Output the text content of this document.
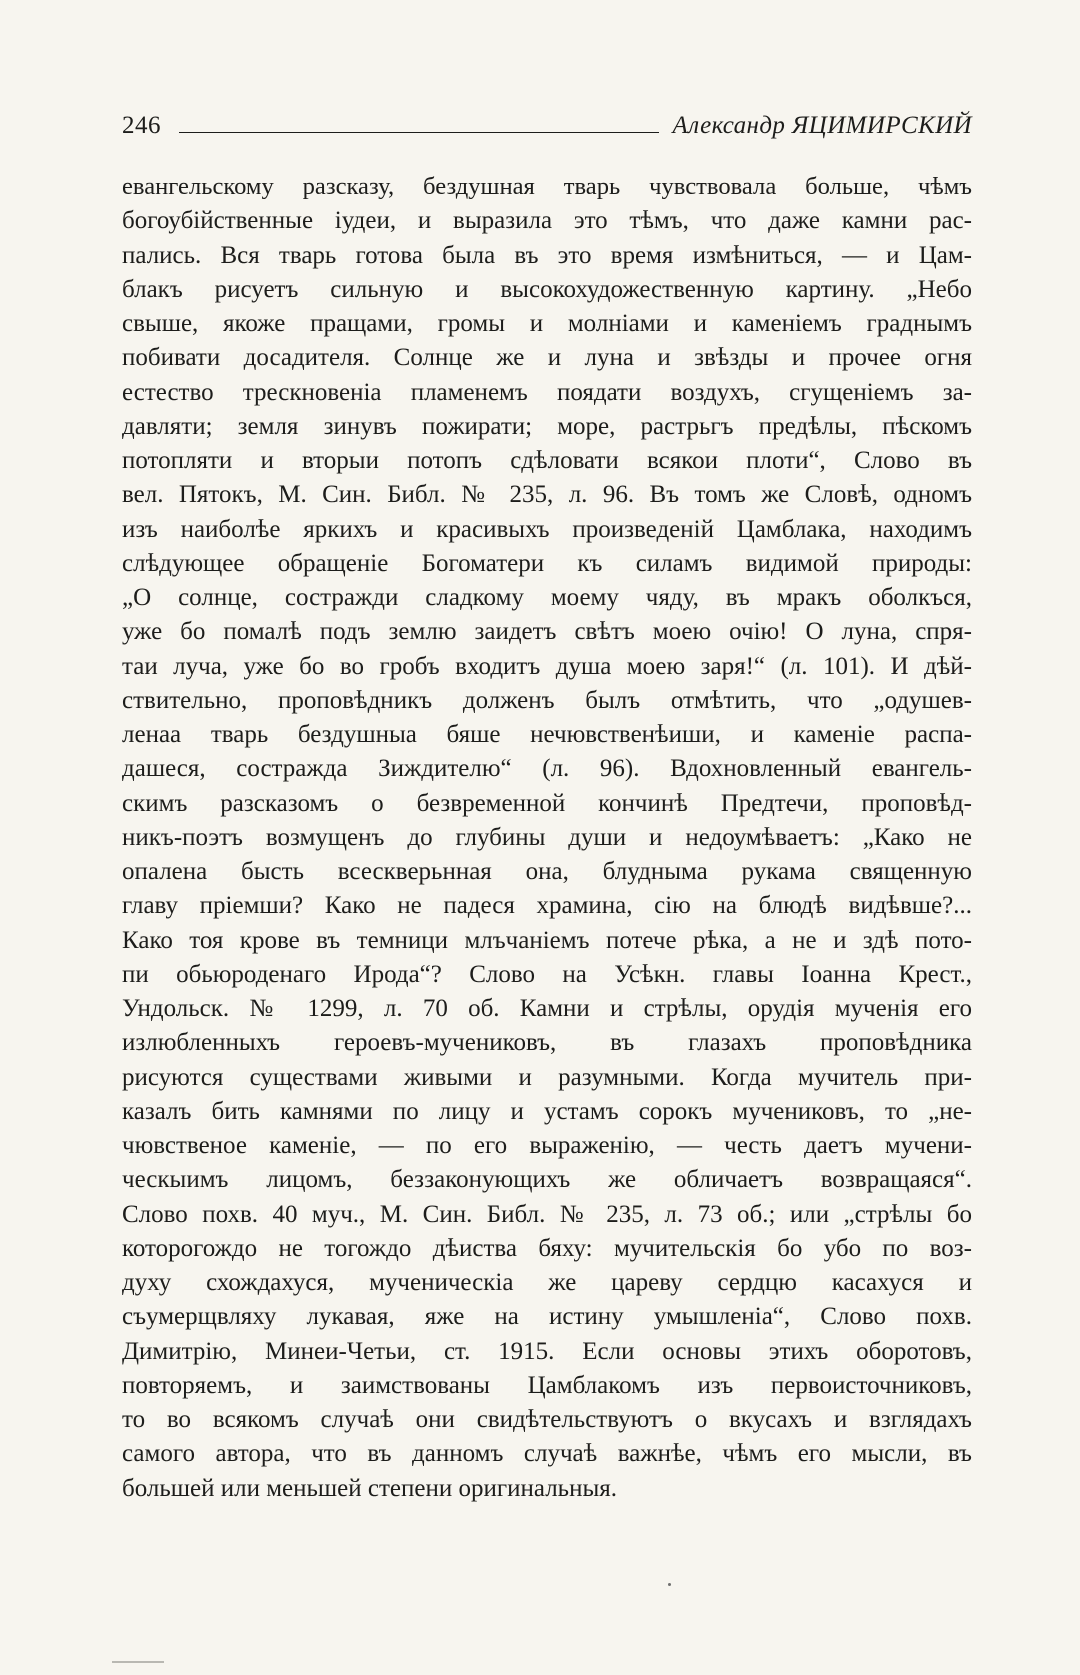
246	Александр ЯЦИМИРСКИЙ
евангельскому разсказу, бездушная тварь чувствовала больше, чѣмъ
богоубійственные іудеи, и выразила это тѣмъ, что даже камни рас-
пались. Вся тварь готова была въ это время измѣниться, — и Цам-
блакъ рисуетъ сильную и высокохудожественную картину. „Небо
свыше, якоже пращами, громы и молніами и каменіемъ граднымъ
побивати досадителя. Солнце же и луна и звѣзды и прочее огня
естество трескновеніа пламенемъ поядати воздухъ, сгущеніемъ за-
давляти; земля зинувъ пожирати; море, растрьгъ предѣлы, пѣскомъ
потопляти и вторыи потопъ сдѣловати всякои плоти“, Слово въ
вел. Пятокъ, М. Син. Библ. № 235, л. 96. Въ томъ же Словѣ, одномъ
изъ наиболѣе яркихъ и красивыхъ произведеній Цамблака, находимъ
слѣдующее обращеніе Богоматери къ силамъ видимой природы:
„О солнце, состражди сладкому моему чяду, въ мракъ оболкъся,
уже бо помалѣ подъ землю заидетъ свѣтъ моею очію! О луна, спря-
таи луча, уже бо во гробъ входитъ душа моею заря!“ (л. 101). И дѣй-
ствительно, проповѣдникъ долженъ былъ отмѣтить, что „одушев-
ленаа тварь бездушныа бяше нечювственѣиши, и каменіе распа-
дашеся, состражда Зиждителю“ (л. 96). Вдохновленный евангель-
скимъ разсказомъ о безвременной кончинѣ Предтечи, проповѣд-
никъ-поэтъ возмущенъ до глубины души и недоумѣваетъ: „Како не
опалена бысть всескверьнная она, блудныма рукама священную
главу пріемши? Како не падеся храмина, сію на блюдѣ видѣвше?...
Како тоя крове въ темници млъчаніемъ потече рѣка, а не и здѣ пото-
пи обьюроденаго Ирода“? Слово на Усѣкн. главы Іоанна Крест.,
Ундольск. № 1299, л. 70 об. Камни и стрѣлы, орудія мученія его
излюбленныхъ героевъ-мучениковъ, въ глазахъ проповѣдника
рисуются существами живыми и разумными. Когда мучитель при-
казалъ бить камнями по лицу и устамъ сорокъ мучениковъ, то „не-
чювственое каменіе, — по его выраженію, — честь даетъ мучени-
ческыимъ лицомъ, беззаконующихъ же обличаетъ возвращаяся“.
Слово похв. 40 муч., М. Син. Библ. № 235, л. 73 об.; или „стрѣлы бо
которогождо не тогождо дѣиства бяху: мучительскія бо убо по воз-
духу схождахуся, мученическіа же цареву сердцю касахуся и
съумерщвляху лукавая, яже на истину умышленіа“, Слово похв.
Димитрію, Минеи-Четьи, ст. 1915. Если основы этихъ оборотовъ,
повторяемъ, и заимствованы Цамблакомъ изъ первоисточниковъ,
то во всякомъ случаѣ они свидѣтельствуютъ о вкусахъ и взглядахъ
самого автора, что въ данномъ случаѣ важнѣе, чѣмъ его мысли, въ
большей или меньшей степени оригинальныя.
